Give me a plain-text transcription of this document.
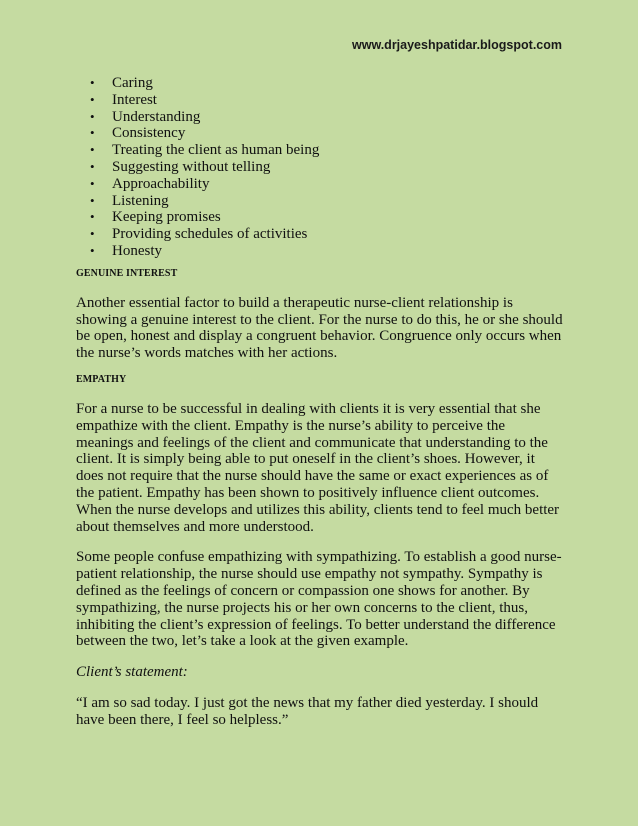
www.drjayeshpatidar.blogspot.com
• Caring
• Interest
• Understanding
• Consistency
• Treating the client as human being
• Suggesting without telling
• Approachability
• Listening
• Keeping promises
• Providing schedules of activities
• Honesty
GENUINE INTEREST

Another essential factor to build a therapeutic nurse-client relationship is showing a genuine interest to the client. For the nurse to do this, he or she should be open, honest and display a congruent behavior. Congruence only occurs when the nurse’s words matches with her actions.

EMPATHY

For a nurse to be successful in dealing with clients it is very essential that she empathize with the client. Empathy is the nurse’s ability to perceive the meanings and feelings of the client and communicate that understanding to the client. It is simply being able to put oneself in the client’s shoes. However, it does not require that the nurse should have the same or exact experiences as of the patient. Empathy has been shown to positively influence client outcomes. When the nurse develops and utilizes this ability, clients tend to feel much better about themselves and more understood.

Some people confuse empathizing with sympathizing. To establish a good nurse-patient relationship, the nurse should use empathy not sympathy. Sympathy is defined as the feelings of concern or compassion one shows for another. By sympathizing, the nurse projects his or her own concerns to the client, thus, inhibiting the client’s expression of feelings. To better understand the difference between the two, let’s take a look at the given example.

Client’s statement:

“I am so sad today. I just got the news that my father died yesterday. I should have been there, I feel so helpless.”
